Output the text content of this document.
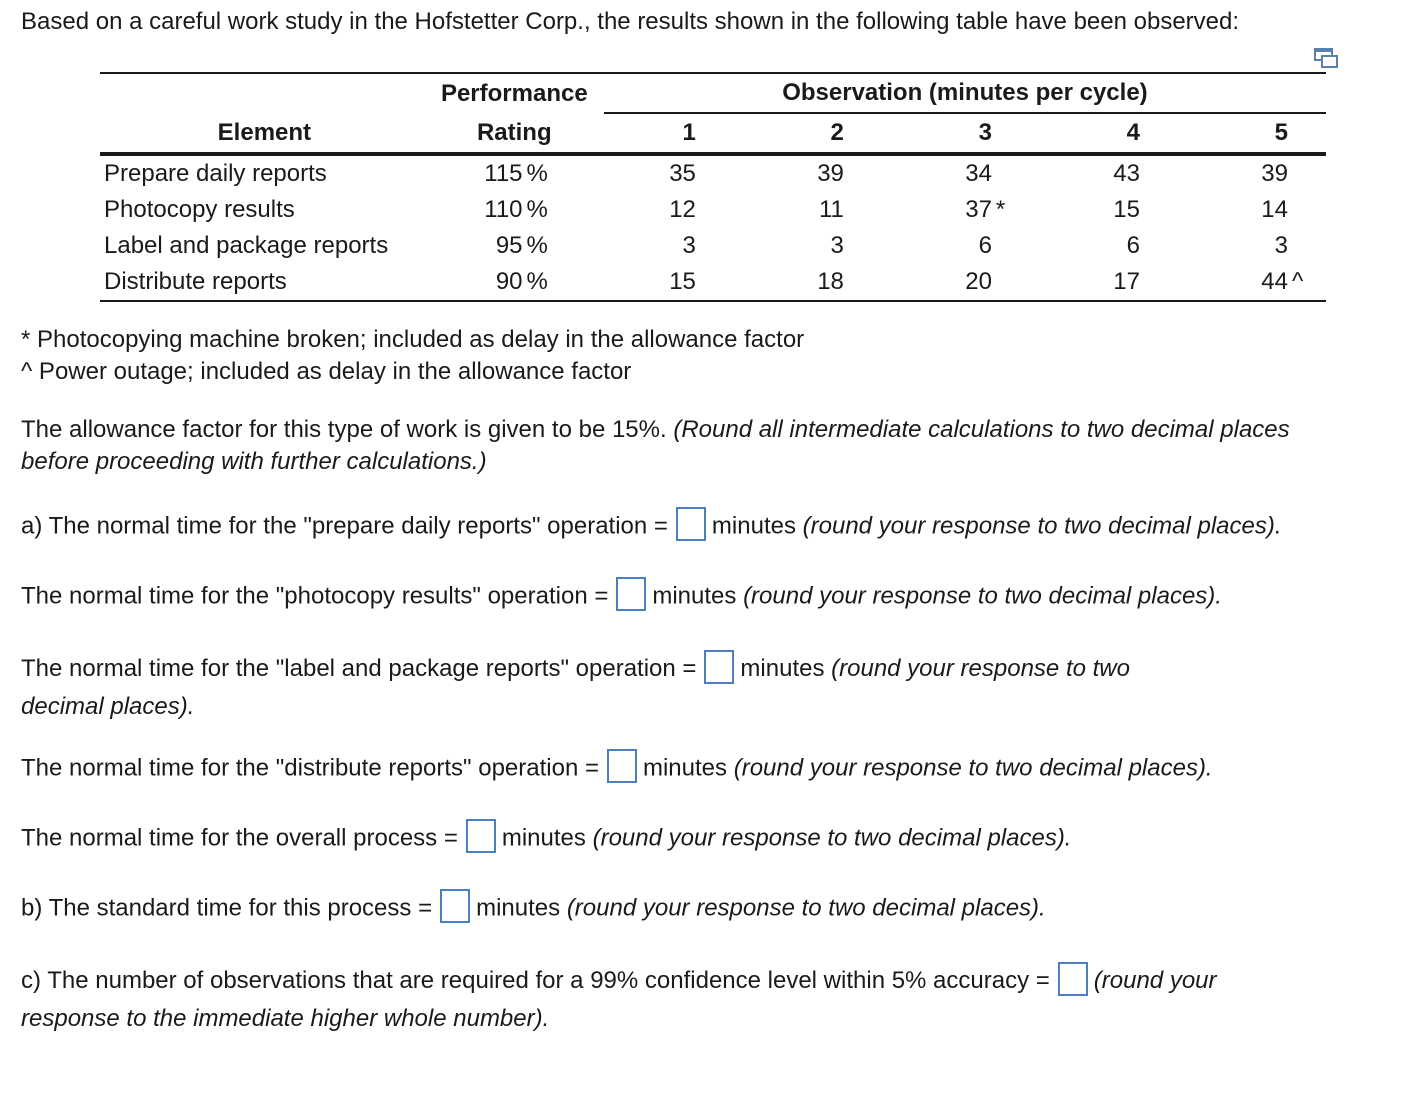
Based on a careful work study in the Hofstetter Corp., the results shown in the following table have been observed:
	Performance	Observation (minutes per cycle)				
Element	Rating	1	2	3	4	5
Prepare daily reports	115 %	35	39	34	43	39
Photocopy results	110 %	12	11	37 *	15	14
Label and package reports	95 %	3	3	6	6	3
Distribute reports	90 %	15	18	20	17	44 ^
* Photocopying machine broken; included as delay in the allowance factor
^ Power outage; included as delay in the allowance factor
The allowance factor for this type of work is given to be 15%. (Round all intermediate calculations to two decimal places
before proceeding with further calculations.)
a) The normal time for the "prepare daily reports" operation = minutes (round your response to two decimal places).
The normal time for the "photocopy results" operation = minutes (round your response to two decimal places).
The normal time for the "label and package reports" operation = minutes (round your response to two
decimal places).
The normal time for the "distribute reports" operation = minutes (round your response to two decimal places).
The normal time for the overall process = minutes (round your response to two decimal places).
b) The standard time for this process = minutes (round your response to two decimal places).
c) The number of observations that are required for a 99% confidence level within 5% accuracy = (round your
response to the immediate higher whole number).
